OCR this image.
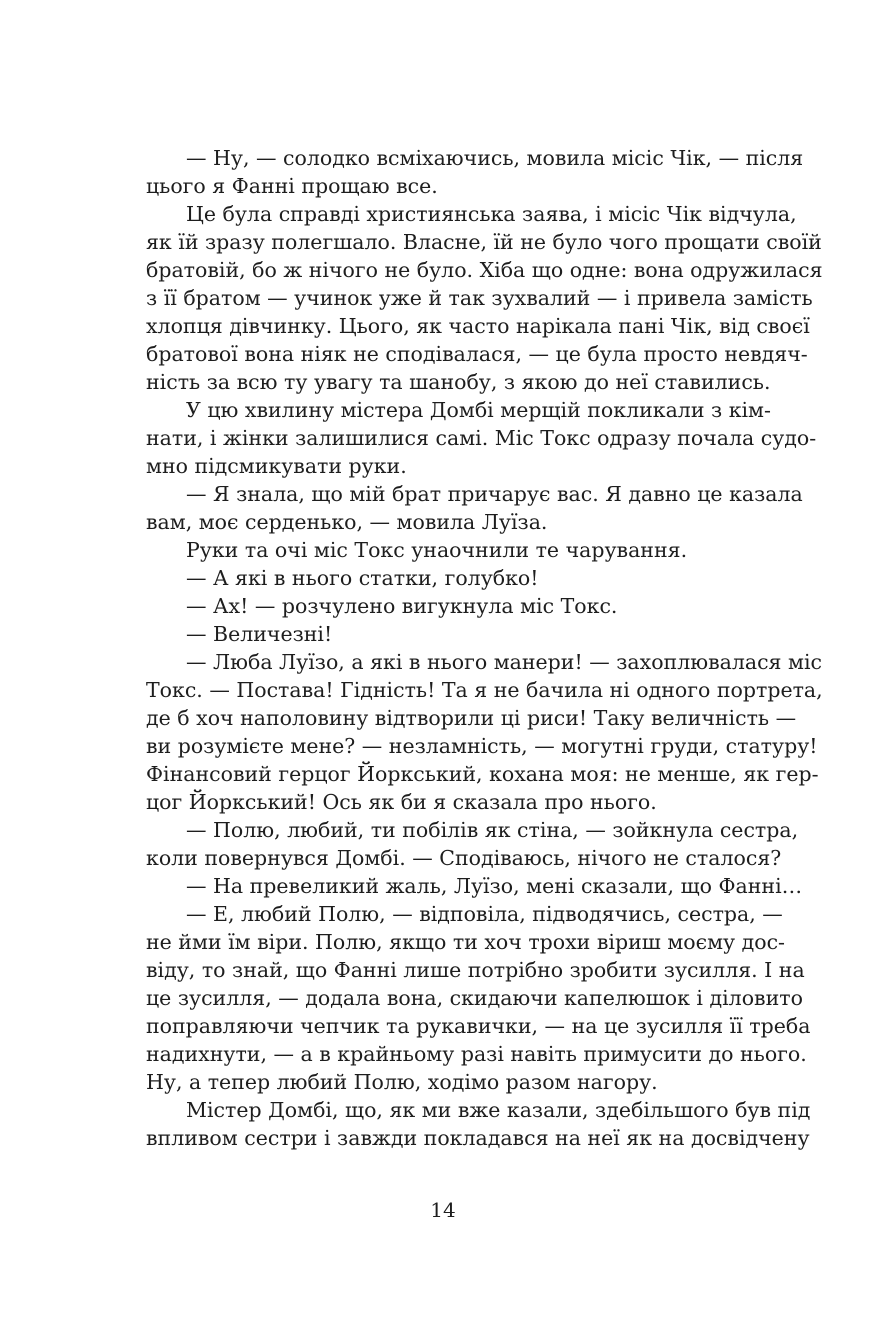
— Ну, — солодко всміхаючись, мовила місіс Чік, — після
цього я Фанні прощаю все.
Це була справді християнська заява, і місіс Чік відчула,
як їй зразу полегшало. Власне, їй не було чого прощати своїй
братовій, бо ж нічого не було. Хіба що одне: вона одружилася
з її братом — учинок уже й так зухвалий — і привела замість
хлопця дівчинку. Цього, як часто нарікала пані Чік, від своєї
братової вона ніяк не сподівалася, — це була просто невдяч-
ність за всю ту увагу та шанобу, з якою до неї ставились.
У цю хвилину містера Домбі мерщій покликали з кім-
нати, і жінки залишилися самі. Міс Токс одразу почала судо-
мно підсмикувати руки.
— Я знала, що мій брат причарує вас. Я давно це казала
вам, моє серденько, — мовила Луїза.
Руки та очі міс Токс унаочнили те чарування.
— А які в нього статки, голубко!
— Ах! — розчулено вигукнула міс Токс.
— Величезні!
— Люба Луїзо, а які в нього манери! — захоплювалася міс
Токс. — Постава! Гідність! Та я не бачила ні одного портрета,
де б хоч наполовину відтворили ці риси! Таку величність —
ви розумієте мене? — незламність, — могутні груди, статуру!
Фінансовий герцог Йоркський, кохана моя: не менше, як гер-
цог Йоркський! Ось як би я сказала про нього.
— Полю, любий, ти побілів як стіна, — зойкнула сестра,
коли повернувся Домбі. — Сподіваюсь, нічого не сталося?
— На превеликий жаль, Луїзо, мені сказали, що Фанні…
— Е, любий Полю, — відповіла, підводячись, сестра, —
не йми їм віри. Полю, якщо ти хоч трохи віриш моєму дос-
віду, то знай, що Фанні лише потрібно зробити зусилля. І на
це зусилля, — додала вона, скидаючи капелюшок і діловито
поправляючи чепчик та рукавички, — на це зусилля її треба
надихнути, — а в крайньому разі навіть примусити до нього.
Ну, а тепер любий Полю, ходімо разом нагору.
Містер Домбі, що, як ми вже казали, здебільшого був під
впливом сестри і завжди покладався на неї як на досвідчену
14
